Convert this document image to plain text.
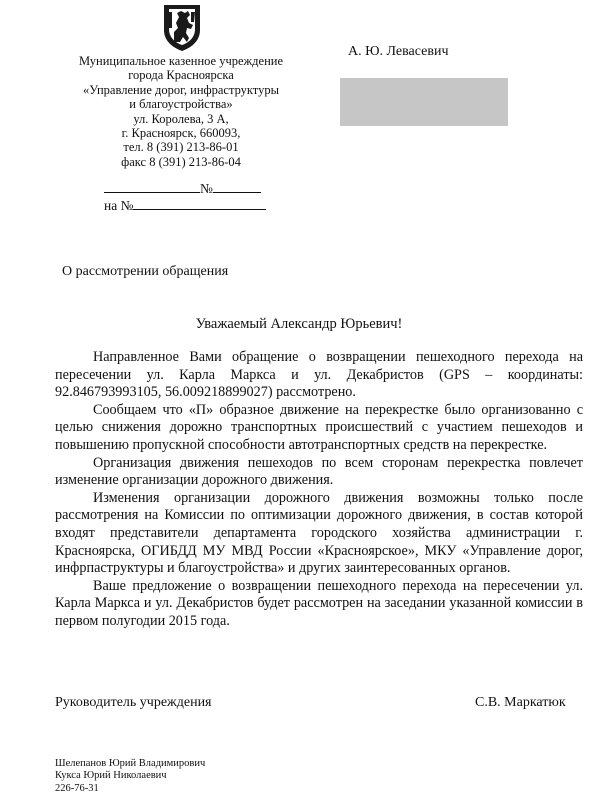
Муниципальное казенное учреждение
города Красноярска
«Управление дорог, инфраструктуры
и благоустройства»
ул. Королева, 3 А,
г. Красноярск, 660093,
тел. 8 (391) 213-86-01
факс 8 (391) 213-86-04
А. Ю. Левасевич
№
на №
О рассмотрении обращения
Уважаемый Александр Юрьевич!

Направленное Вами обращение о возвращении пешеходного перехода на пересечении ул. Карла Маркса и ул. Декабристов (GPS – координаты: 92.846793993105, 56.009218899027) рассмотрено.

Сообщаем что «П» образное движение на перекрестке было организованно с целью снижения дорожно транспортных происшествий с участием пешеходов и повышению пропускной способности автотранспортных средств на перекрестке.

Организация движения пешеходов по всем сторонам перекрестка повлечет изменение организации дорожного движения.

Изменения организации дорожного движения возможны только после рассмотрения на Комиссии по оптимизации дорожного движения, в состав которой входят представители департамента городского хозяйства администрации г. Красноярска, ОГИБДД МУ МВД России «Красноярское», МКУ «Управление дорог, инфрпаструктуры и благоустройства» и других заинтересованных органов.

Ваше предложение о возвращении пешеходного перехода на пересечении ул. Карла Маркса и ул. Декабристов будет рассмотрен на заседании указанной комиссии в первом полугодии 2015 года.

Руководитель учреждения	С.В. Маркатюк
Шелепанов Юрий Владимирович
Кукса Юрий Николаевич
226-76-31
